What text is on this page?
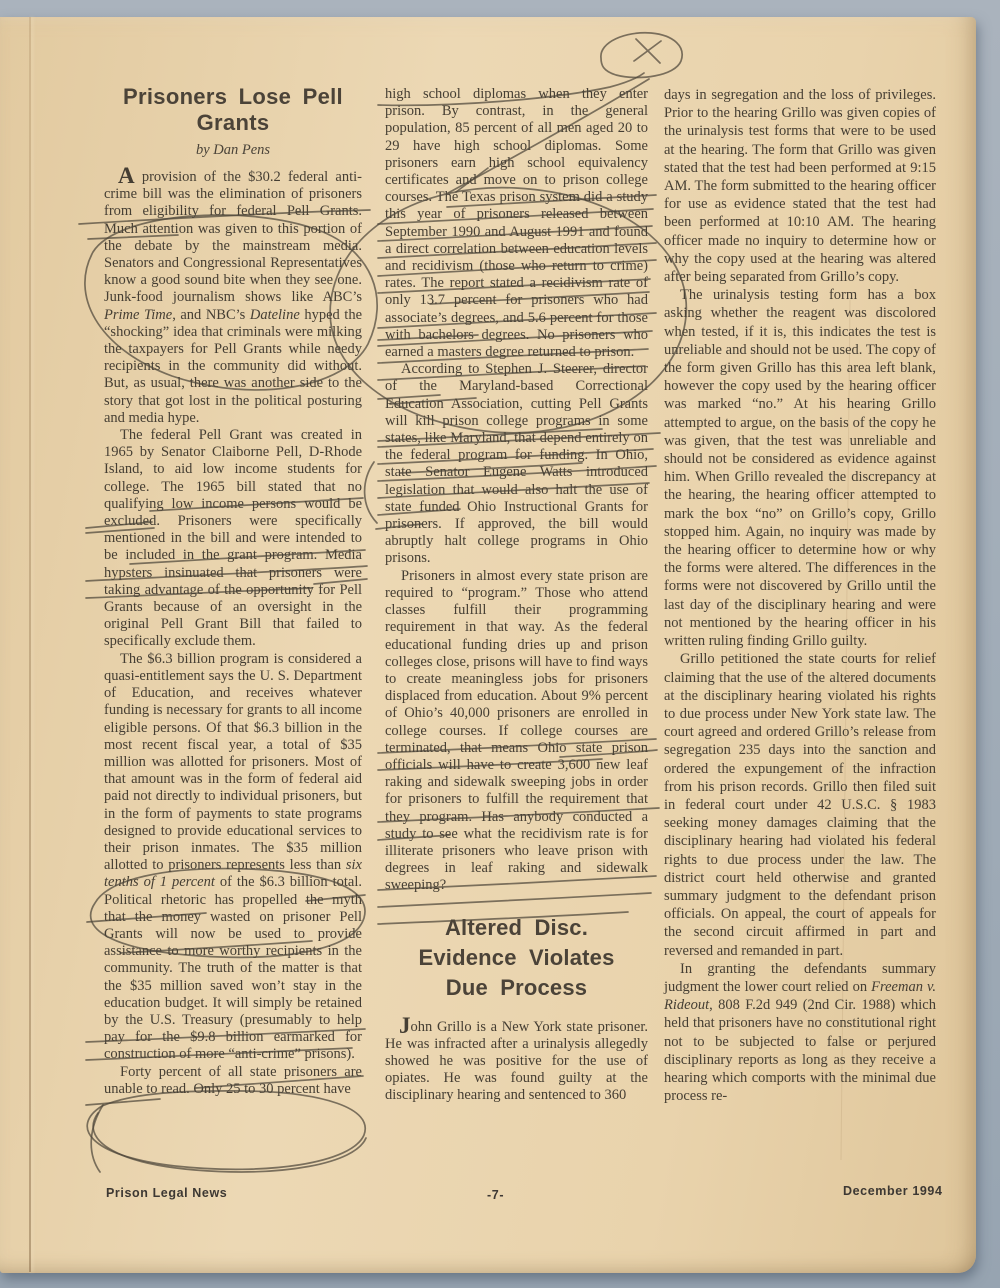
Prisoners Lose Pell
Grants
by Dan Pens

A provision of the $30.2 federal anti-crime bill was the elimination of prisoners from eligibility for federal Pell Grants. Much attention was given to this portion of the debate by the mainstream media. Senators and Congressional Representatives know a good sound bite when they see one. Junk-food journalism shows like ABC’s Prime Time, and NBC’s Dateline hyped the “shocking” idea that criminals were milking the taxpayers for Pell Grants while needy recipients in the community did without. But, as usual, there was another side to the story that got lost in the political posturing and media hype.

The federal Pell Grant was created in 1965 by Senator Claiborne Pell, D-Rhode Island, to aid low income students for college. The 1965 bill stated that no qualifying low income persons would be excluded. Prisoners were specifically mentioned in the bill and were intended to be included in the grant program. Media hypsters insinuated that prisoners were taking advantage of the opportunity for Pell Grants because of an oversight in the original Pell Grant Bill that failed to specifically exclude them.

The $6.3 billion program is considered a quasi-entitlement says the U. S. Department of Education, and receives whatever funding is necessary for grants to all income eligible persons. Of that $6.3 billion in the most recent fiscal year, a total of $35 million was allotted for prisoners. Most of that amount was in the form of federal aid paid not directly to individual prisoners, but in the form of payments to state programs designed to provide educational services to their prison inmates. The $35 million allotted to prisoners represents less than six tenths of 1 percent of the $6.3 billion total. Political rhetoric has propelled the myth that the money wasted on prisoner Pell Grants will now be used to provide assistance to more worthy recipients in the community. The truth of the matter is that the $35 million saved won’t stay in the education budget. It will simply be retained by the U.S. Treasury (presumably to help pay for the $9.8 billion earmarked for construction of more “anti-crime” prisons).

Forty percent of all state prisoners are unable to read. Only 25 to 30 percent have

high school diplomas when they enter prison. By contrast, in the general population, 85 percent of all men aged 20 to 29 have high school diplomas. Some prisoners earn high school equivalency certificates and move on to prison college courses. The Texas prison system did a study this year of prisoners released between September 1990 and August 1991 and found a direct correlation between education levels and recidivism (those who return to crime) rates. The report stated a recidivism rate of only 13.7 percent for prisoners who had associate’s degrees, and 5.6 percent for those with bachelors degrees. No prisoners who earned a masters degree returned to prison.

According to Stephen J. Steerer, director of the Maryland-based Correctional Education Association, cutting Pell Grants will kill prison college programs in some states, like Maryland, that depend entirely on the federal program for funding. In Ohio, state Senator Eugene Watts introduced legislation that would also halt the use of state funded Ohio Instructional Grants for prisoners. If approved, the bill would abruptly halt college programs in Ohio prisons.

Prisoners in almost every state prison are required to “program.” Those who attend classes fulfill their programming requirement in that way. As the federal educational funding dries up and prison colleges close, prisons will have to find ways to create meaningless jobs for prisoners displaced from education. About 9% percent of Ohio’s 40,000 prisoners are enrolled in college courses. If college courses are terminated, that means Ohio state prison officials will have to create 3,600 new leaf raking and sidewalk sweeping jobs in order for prisoners to fulfill the requirement that they program. Has anybody conducted a study to see what the recidivism rate is for illiterate prisoners who leave prison with degrees in leaf raking and sidewalk sweeping?

Altered Disc.
Evidence Violates
Due Process

John Grillo is a New York state prisoner. He was infracted after a urinalysis allegedly showed he was positive for the use of opiates. He was found guilty at the disciplinary hearing and sentenced to 360

days in segregation and the loss of privileges. Prior to the hearing Grillo was given copies of the urinalysis test forms that were to be used at the hearing. The form that Grillo was given stated that the test had been performed at 9:15 AM. The form submitted to the hearing officer for use as evidence stated that the test had been performed at 10:10 AM. The hearing officer made no inquiry to determine how or why the copy used at the hearing was altered after being separated from Grillo’s copy.

The urinalysis testing form has a box asking whether the reagent was discolored when tested, if it is, this indicates the test is unreliable and should not be used. The copy of the form given Grillo has this area left blank, however the copy used by the hearing officer was marked “no.” At his hearing Grillo attempted to argue, on the basis of the copy he was given, that the test was unreliable and should not be considered as evidence against him. When Grillo revealed the discrepancy at the hearing, the hearing officer attempted to mark the box “no” on Grillo’s copy, Grillo stopped him. Again, no inquiry was made by the hearing officer to determine how or why the forms were altered. The differences in the forms were not discovered by Grillo until the last day of the disciplinary hearing and were not mentioned by the hearing officer in his written ruling finding Grillo guilty.

Grillo petitioned the state courts for relief claiming that the use of the altered documents at the disciplinary hearing violated his rights to due process under New York state law. The court agreed and ordered Grillo’s release from segregation 235 days into the sanction and ordered the expungement of the infraction from his prison records. Grillo then filed suit in federal court under 42 U.S.C. § 1983 seeking money damages claiming that the disciplinary hearing had violated his federal rights to due process under the law. The district court held otherwise and granted summary judgment to the defendant prison officials. On appeal, the court of appeals for the second circuit affirmed in part and reversed and remanded in part.

In granting the defendants summary judgment the lower court relied on Freeman v. Rideout, 808 F.2d 949 (2nd Cir. 1988) which held that prisoners have no constitutional right not to be subjected to false or perjured disciplinary reports as long as they receive a hearing which comports with the minimal due process re-

Prison Legal News	-7-	December 1994
